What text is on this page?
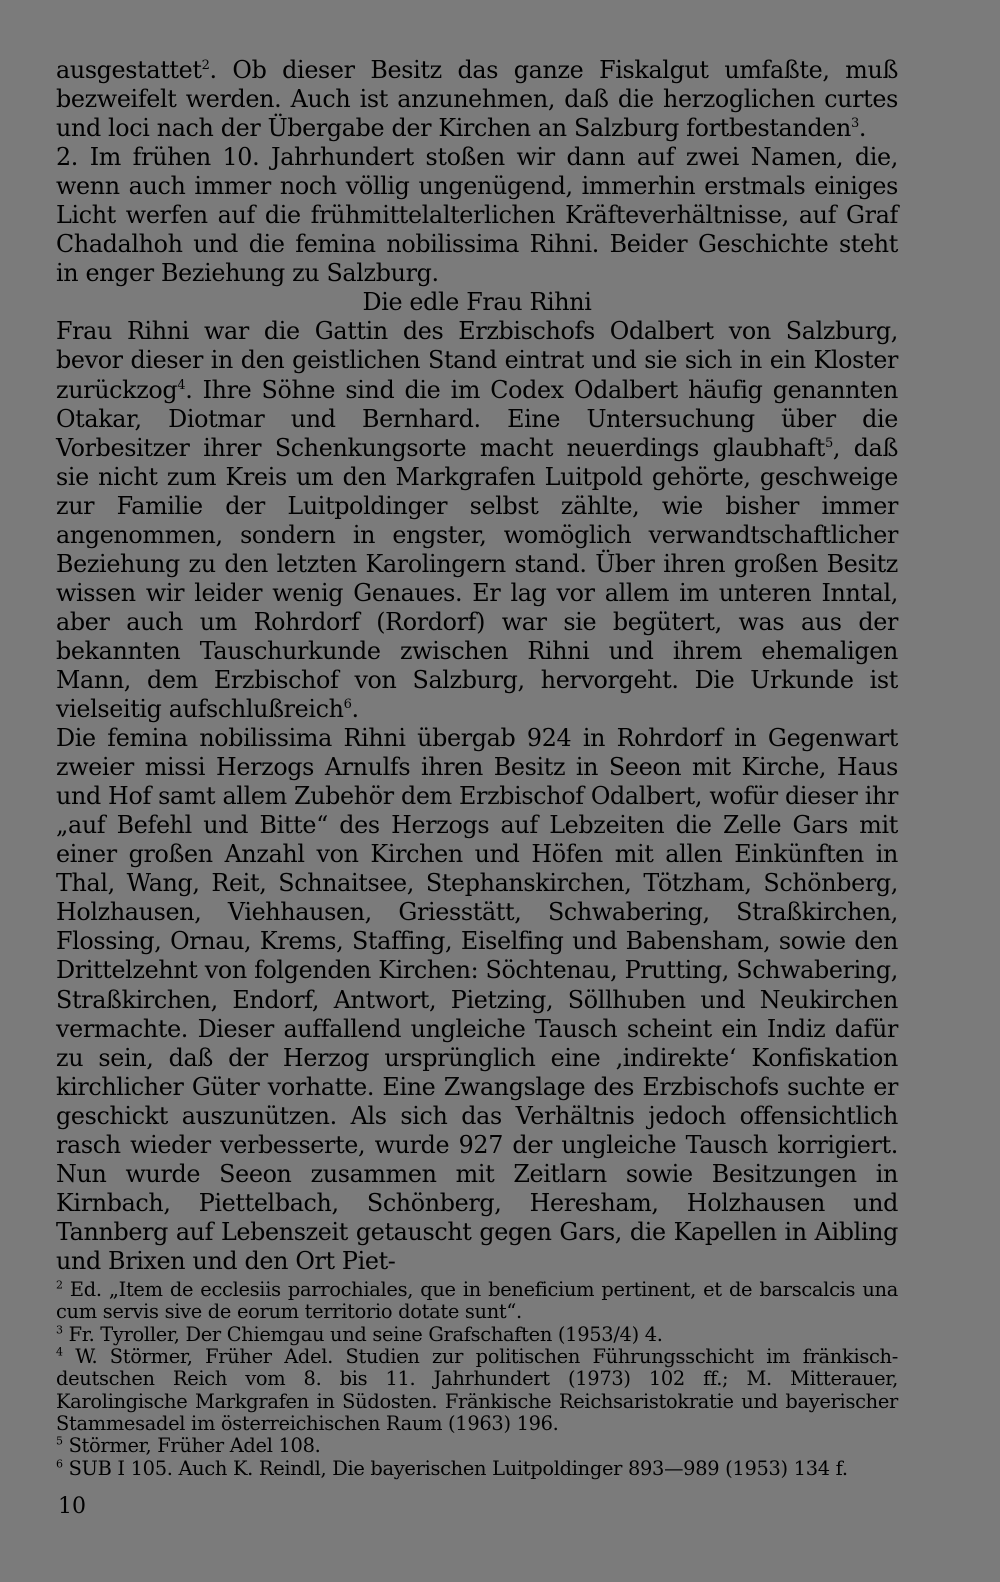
ausgestattet$^2$. Ob dieser Besitz das ganze Fiskalgut umfaßte, muß bezweifelt werden. Auch ist anzunehmen, daß die herzoglichen curtes und loci nach der Übergabe der Kirchen an Salzburg fortbestanden$^3$.

2. Im frühen 10. Jahrhundert stoßen wir dann auf zwei Namen, die, wenn auch immer noch völlig ungenügend, immerhin erstmals einiges Licht werfen auf die frühmittelalterlichen Kräfteverhältnisse, auf Graf Chadalhoh und die femina nobilissima Rihni. Beider Geschichte steht in enger Beziehung zu Salzburg.

Die edle Frau Rihni

Frau Rihni war die Gattin des Erzbischofs Odalbert von Salzburg, bevor dieser in den geistlichen Stand eintrat und sie sich in ein Kloster zurückzog$^4$. Ihre Söhne sind die im Codex Odalbert häufig genannten Otakar, Diotmar und Bernhard. Eine Untersuchung über die Vorbesitzer ihrer Schenkungsorte macht neuerdings glaubhaft$^5$, daß sie nicht zum Kreis um den Markgrafen Luitpold gehörte, geschweige zur Familie der Luitpoldinger selbst zählte, wie bisher immer angenommen, sondern in engster, womöglich verwandtschaftlicher Beziehung zu den letzten Karolingern stand. Über ihren großen Besitz wissen wir leider wenig Genaues. Er lag vor allem im unteren Inntal, aber auch um Rohrdorf (Rordorf) war sie begütert, was aus der bekannten Tauschurkunde zwischen Rihni und ihrem ehemaligen Mann, dem Erzbischof von Salzburg, hervorgeht. Die Urkunde ist vielseitig aufschlußreich$^6$.

Die femina nobilissima Rihni übergab 924 in Rohrdorf in Gegenwart zweier missi Herzogs Arnulfs ihren Besitz in Seeon mit Kirche, Haus und Hof samt allem Zubehör dem Erzbischof Odalbert, wofür dieser ihr „auf Befehl und Bitte“ des Herzogs auf Lebzeiten die Zelle Gars mit einer großen Anzahl von Kirchen und Höfen mit allen Einkünften in Thal, Wang, Reit, Schnaitsee, Stephanskirchen, Tötzham, Schönberg, Holzhausen, Viehhausen, Griesstätt, Schwabering, Straßkirchen, Flossing, Ornau, Krems, Staffing, Eiselfing und Babensham, sowie den Drittelzehnt von folgenden Kirchen: Söchtenau, Prutting, Schwabering, Straßkirchen, Endorf, Antwort, Pietzing, Söllhuben und Neukirchen vermachte. Dieser auffallend ungleiche Tausch scheint ein Indiz dafür zu sein, daß der Herzog ursprünglich eine ‚indirekte‘ Konfiskation kirchlicher Güter vorhatte. Eine Zwangslage des Erzbischofs suchte er geschickt auszunützen. Als sich das Verhältnis jedoch offensichtlich rasch wieder verbesserte, wurde 927 der ungleiche Tausch korrigiert. Nun wurde Seeon zusammen mit Zeitlarn sowie Besitzungen in Kirnbach, Piettelbach, Schönberg, Heresham, Holzhausen und Tannberg auf Lebenszeit getauscht gegen Gars, die Kapellen in Aibling und Brixen und den Ort Piet-

$^2$ Ed. „Item de ecclesiis parrochiales, que in beneficium pertinent, et de barscalcis una cum servis sive de eorum territorio dotate sunt“.

$^3$ Fr. Tyroller, Der Chiemgau und seine Grafschaften (1953/4) 4.

$^4$ W. Störmer, Früher Adel. Studien zur politischen Führungsschicht im fränkisch-deutschen Reich vom 8. bis 11. Jahrhundert (1973) 102 ff.; M. Mitterauer, Karolingische Markgrafen in Südosten. Fränkische Reichsaristokratie und bayerischer Stammesadel im österreichischen Raum (1963) 196.

$^5$ Störmer, Früher Adel 108.

$^6$ SUB I 105. Auch K. Reindl, Die bayerischen Luitpoldinger 893—989 (1953) 134 f.

10
